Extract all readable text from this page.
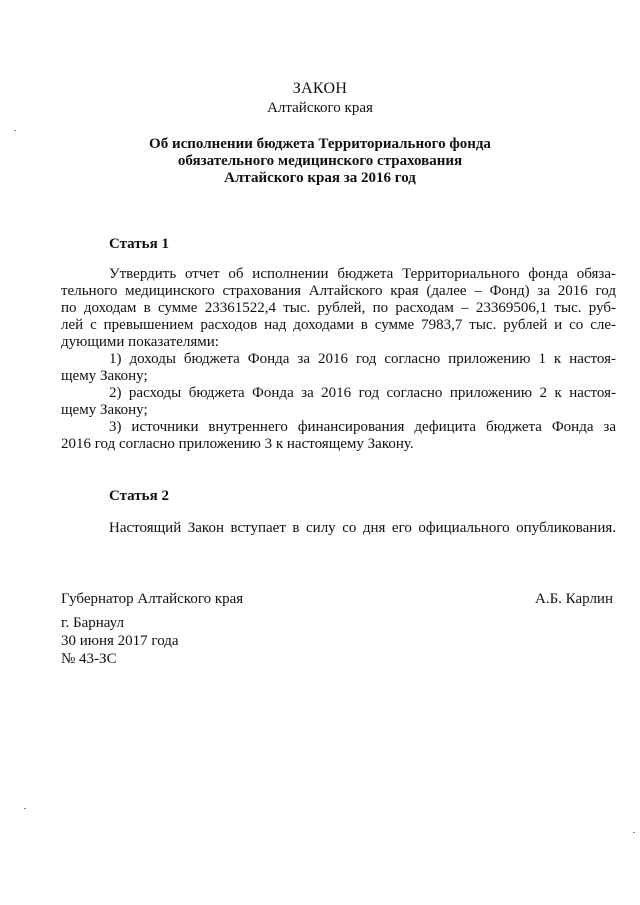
ЗАКОН
Алтайского края
Об исполнении бюджета Территориального фонда
обязательного медицинского страхования
Алтайского края за 2016 год
Статья 1
Утвердить отчет об исполнении бюджета Территориального фонда обяза-
тельного медицинского страхования Алтайского края (далее – Фонд) за 2016 год
по доходам в сумме 23361522,4 тыс. рублей, по расходам – 23369506,1 тыс. руб-
лей с превышением расходов над доходами в сумме 7983,7 тыс. рублей и со сле-
дующими показателями:
1) доходы бюджета Фонда за 2016 год согласно приложению 1 к настоя-
щему Закону;
2) расходы бюджета Фонда за 2016 год согласно приложению 2 к настоя-
щему Закону;
3) источники внутреннего финансирования дефицита бюджета Фонда за
2016 год согласно приложению 3 к настоящему Закону.
Статья 2
Настоящий Закон вступает в силу со дня его официального опубликования.
Губернатор Алтайского края	А.Б. Карлин
г. Барнаул
30 июня 2017 года
№ 43-ЗС
